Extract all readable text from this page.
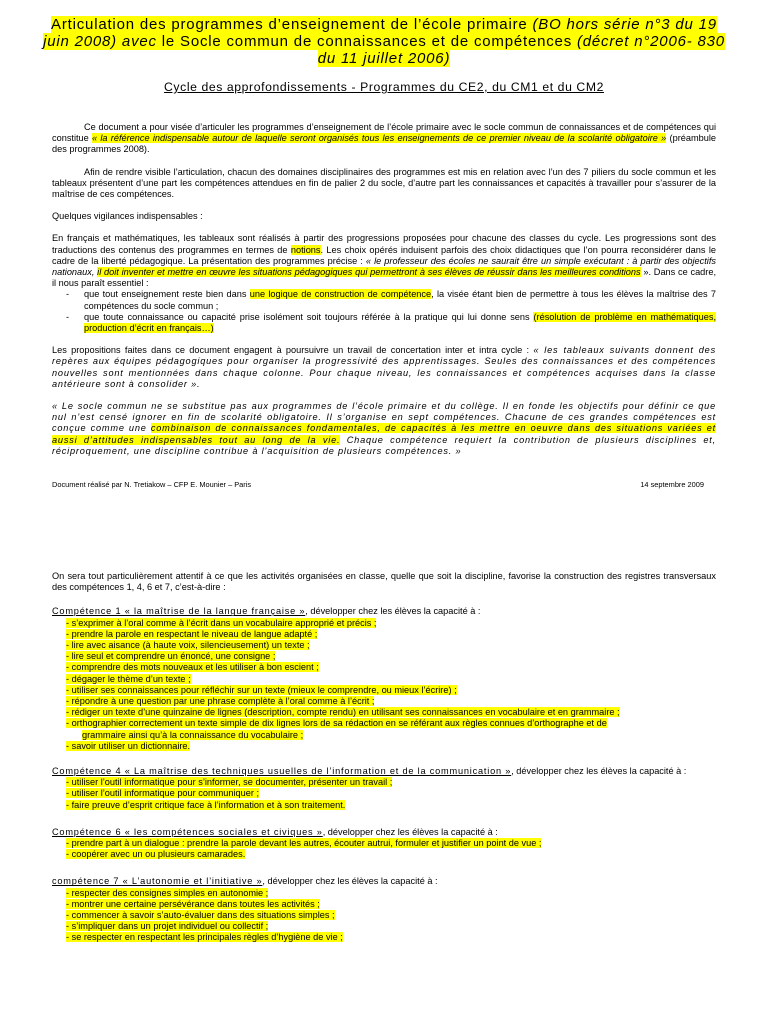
Articulation des programmes d’enseignement de l’école primaire (BO hors série n°3 du 19 juin 2008) avec le Socle commun de connaissances et de compétences (décret n°2006- 830 du 11 juillet 2006)
Cycle des approfondissements - Programmes du CE2, du CM1 et du CM2

Ce document a pour visée d’articuler les programmes d’enseignement de l’école primaire avec le socle commun de connaissances et de compétences qui constitue « la référence indispensable autour de laquelle seront organisés tous les enseignements de ce premier niveau de la scolarité obligatoire » (préambule des programmes 2008).

Afin de rendre visible l’articulation, chacun des domaines disciplinaires des programmes est mis en relation avec l’un des 7 piliers du socle commun et les tableaux présentent d’une part les compétences attendues en fin de palier 2 du socle, d’autre part les connaissances et capacités à travailler pour s’assurer de la maîtrise de ces compétences.

Quelques vigilances indispensables :

En français et mathématiques, les tableaux sont réalisés à partir des progressions proposées pour chacune des classes du cycle. Les progressions sont des traductions des contenus des programmes en termes de notions. Les choix opérés induisent parfois des choix didactiques que l’on pourra reconsidérer dans le cadre de la liberté pédagogique. La présentation des programmes précise : « le professeur des écoles ne saurait être un simple exécutant : à partir des objectifs nationaux, il doit inventer et mettre en œuvre les situations pédagogiques qui permettront à ses élèves de réussir dans les meilleures conditions ». Dans ce cadre, il nous paraît essentiel :

- que tout enseignement reste bien dans une logique de construction de compétence, la visée étant bien de permettre à tous les élèves la maîtrise des 7 compétences du socle commun ;
- que toute connaissance ou capacité prise isolément soit toujours référée à la pratique qui lui donne sens (résolution de problème en mathématiques, production d’écrit en français…)

Les propositions faites dans ce document engagent à poursuivre un travail de concertation inter et intra cycle : « les tableaux suivants donnent des repères aux équipes pédagogiques pour organiser la progressivité des apprentissages. Seules des connaissances et des compétences nouvelles sont mentionnées dans chaque colonne. Pour chaque niveau, les connaissances et compétences acquises dans la classe antérieure sont à consolider ».

« Le socle commun ne se substitue pas aux programmes de l’école primaire et du collège. Il en fonde les objectifs pour définir ce que nul n’est censé ignorer en fin de scolarité obligatoire. Il s’organise en sept compétences. Chacune de ces grandes compétences est conçue comme une combinaison de connaissances fondamentales, de capacités à les mettre en oeuvre dans des situations variées et aussi d’attitudes indispensables tout au long de la vie. Chaque compétence requiert la contribution de plusieurs disciplines et, réciproquement, une discipline contribue à l’acquisition de plusieurs compétences. »

Document réalisé par N. Tretiakow – CFP E. Mounier – Paris	14 septembre 2009

On sera tout particulièrement attentif à ce que les activités organisées en classe, quelle que soit la discipline, favorise la construction des registres transversaux des compétences 1, 4, 6 et 7, c’est-à-dire :

Compétence 1 « la maîtrise de la langue française », développer chez les élèves la capacité à :
- s’exprimer à l’oral comme à l’écrit dans un vocabulaire approprié et précis ;
- prendre la parole en respectant le niveau de langue adapté ;
- lire avec aisance (à haute voix, silencieusement) un texte ;
- lire seul et comprendre un énoncé, une consigne ;
- comprendre des mots nouveaux et les utiliser à bon escient ;
- dégager le thème d’un texte ;
- utiliser ses connaissances pour réfléchir sur un texte (mieux le comprendre, ou mieux l’écrire) ;
- répondre à une question par une phrase complète à l’oral comme à l’écrit ;
- rédiger un texte d’une quinzaine de lignes (description, compte rendu) en utilisant ses connaissances en vocabulaire et en grammaire ;
- orthographier correctement un texte simple de dix lignes lors de sa rédaction en se référant aux règles connues d’orthographe et de
grammaire ainsi qu’à la connaissance du vocabulaire ;
- savoir utiliser un dictionnaire.
Compétence 4 « La maîtrise des techniques usuelles de l’information et de la communication », développer chez les élèves la capacité à :
- utiliser l’outil informatique pour s’informer, se documenter, présenter un travail ;
- utiliser l’outil informatique pour communiquer ;
- faire preuve d’esprit critique face à l’information et à son traitement.
Compétence 6 « les compétences sociales et civiques », développer chez les élèves la capacité à :
- prendre part à un dialogue : prendre la parole devant les autres, écouter autrui, formuler et justifier un point de vue ;
- coopérer avec un ou plusieurs camarades.
compétence 7 « L’autonomie et l’initiative », développer chez les élèves la capacité à :
- respecter des consignes simples en autonomie ;
- montrer une certaine persévérance dans toutes les activités ;
- commencer à savoir s’auto-évaluer dans des situations simples ;
- s’impliquer dans un projet individuel ou collectif ;
- se respecter en respectant les principales règles d’hygiène de vie ;
